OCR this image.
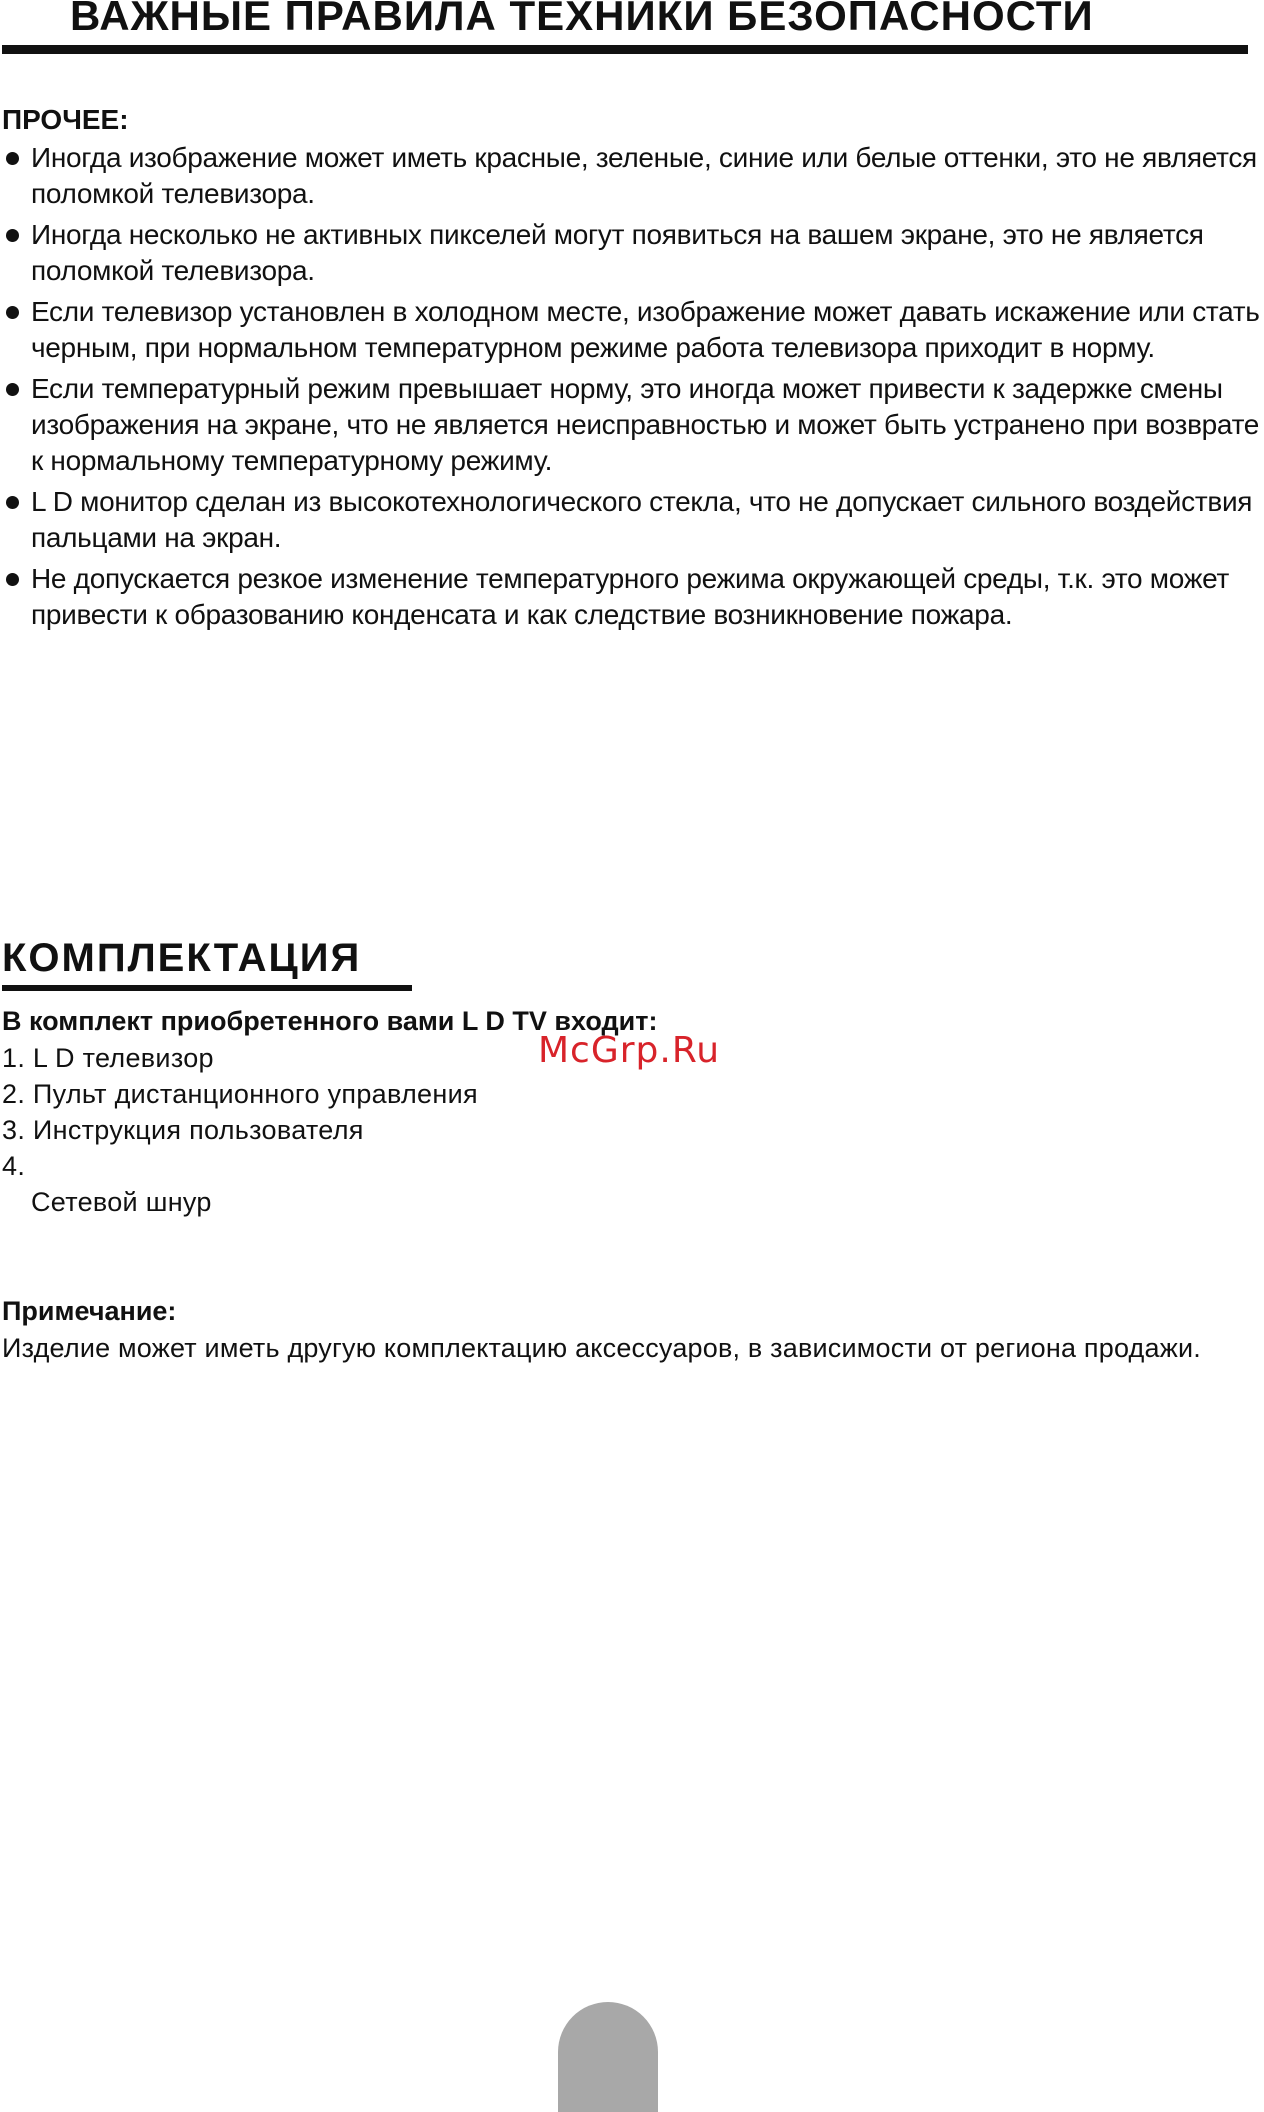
ВАЖНЫЕ ПРАВИЛА ТЕХНИКИ БЕЗОПАСНОСТИ
ПРОЧЕЕ:
Иногда изображение может иметь красные, зеленые, синие или белые оттенки, это не является поломкой телевизора.
Иногда несколько не активных пикселей могут появиться на вашем экране, это не является поломкой телевизора.
Если телевизор установлен в холодном месте, изображение может давать искажение или стать черным, при нормальном температурном режиме работа телевизора приходит в норму.
Если температурный режим превышает норму, это иногда может привести к задержке смены изображения на экране, что не является неисправностью и может быть устранено при возврате к нормальному температурному режиму.
L D монитор сделан из высокотехнологического стекла, что не допускает сильного воздействия пальцами на экран.
Не допускается резкое изменение температурного режима окружающей среды, т.к. это может привести к образованию конденсата и как следствие возникновение пожара.
КОМПЛЕКТАЦИЯ
В комплект приобретенного вами L D TV входит:
1. L D телевизор
2. Пульт дистанционного управления
3. Инструкция пользователя
4.
Сетевой шнур
McGrp.Ru
Примечание:
Изделие может иметь другую комплектацию аксессуаров, в зависимости от региона продажи.
